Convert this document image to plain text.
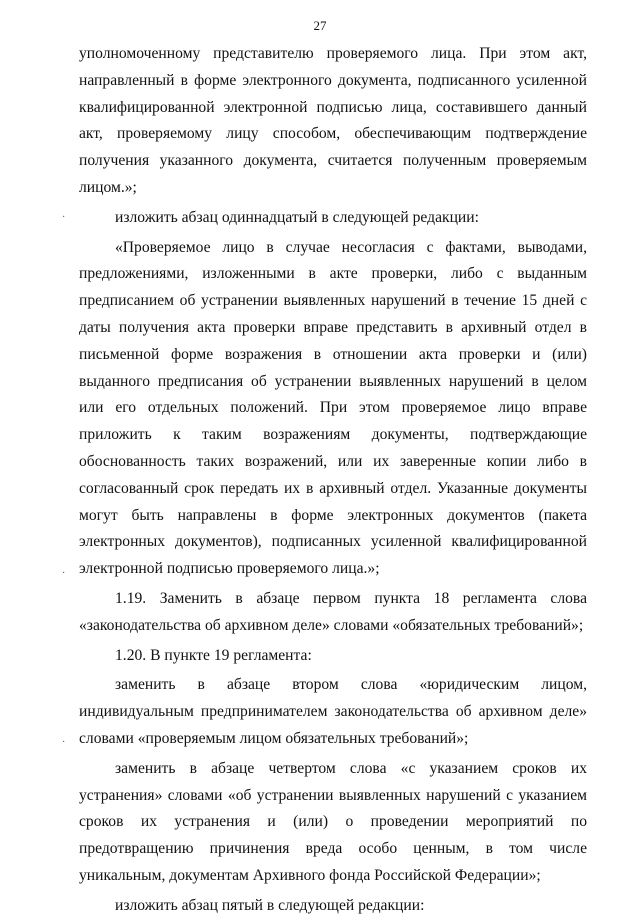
27
·
·
·

уполномоченному представителю проверяемого лица. При этом акт, направленный в форме электронного документа, подписанного усиленной квалифицированной электронной подписью лица, составившего данный акт, проверяемому лицу способом, обеспечивающим подтверждение получения указанного документа, считается полученным проверяемым лицом.»;

изложить абзац одиннадцатый в следующей редакции:

«Проверяемое лицо в случае несогласия с фактами, выводами, предложениями, изложенными в акте проверки, либо с выданным предписанием об устранении выявленных нарушений в течение 15 дней с даты получения акта проверки вправе представить в архивный отдел в письменной форме возражения в отношении акта проверки и (или) выданного предписания об устранении выявленных нарушений в целом или его отдельных положений. При этом проверяемое лицо вправе приложить к таким возражениям документы, подтверждающие обоснованность таких возражений, или их заверенные копии либо в согласованный срок передать их в архивный отдел. Указанные документы могут быть направлены в форме электронных документов (пакета электронных документов), подписанных усиленной квалифицированной электронной подписью проверяемого лица.»;

1.19. Заменить в абзаце первом пункта 18 регламента слова «законодательства об архивном деле» словами «обязательных требований»;

1.20. В пункте 19 регламента:

заменить в абзаце втором слова «юридическим лицом, индивидуальным предпринимателем законодательства об архивном деле» словами «проверяемым лицом обязательных требований»;

заменить в абзаце четвертом слова «с указанием сроков их устранения» словами «об устранении выявленных нарушений с указанием сроков их устранения и (или) о проведении мероприятий по предотвращению причинения вреда особо ценным, в том числе уникальным, документам Архивного фонда Российской Федерации»;

изложить абзац пятый в следующей редакции:
